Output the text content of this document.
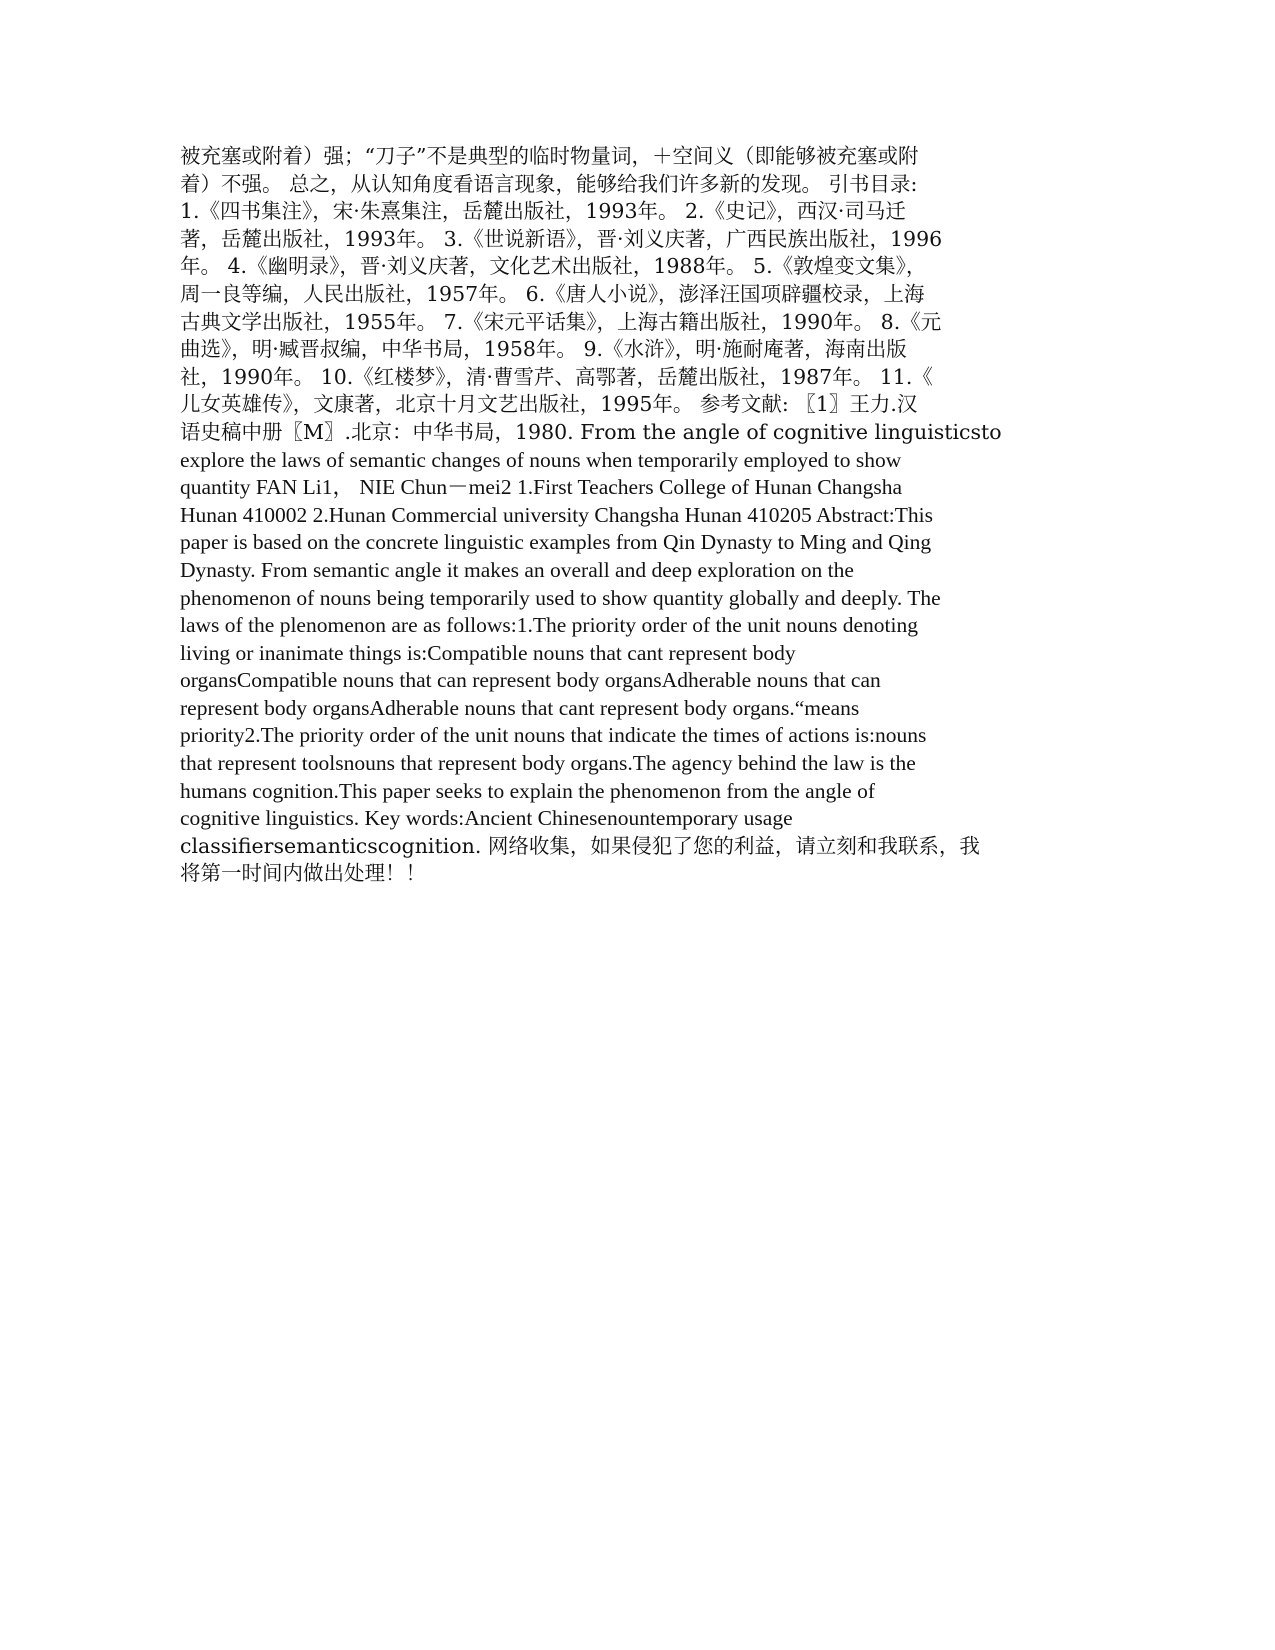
被充塞或附着）强；“刀子”不是典型的临时物量词，＋空间义（即能够被充塞或附
着）不强。 总之，从认知角度看语言现象，能够给我们许多新的发现。 引书目录:
1.《四书集注》，宋·朱熹集注，岳麓出版社，1993年。 2.《史记》，西汉·司马迁
著，岳麓出版社，1993年。 3.《世说新语》，晋·刘义庆著，广西民族出版社，1996
年。 4.《幽明录》，晋·刘义庆著，文化艺术出版社，1988年。 5.《敦煌变文集》，
周一良等编，人民出版社，1957年。 6.《唐人小说》，澎泽汪国项辟疆校录，上海
古典文学出版社，1955年。 7.《宋元平话集》，上海古籍出版社，1990年。 8.《元
曲选》，明·臧晋叔编，中华书局，1958年。 9.《水浒》，明·施耐庵著，海南出版
社，1990年。 10.《红楼梦》，清·曹雪芹、高鄂著，岳麓出版社，1987年。 11.《
儿女英雄传》，文康著，北京十月文艺出版社，1995年。 参考文献: 〖1〗王力.汉
语史稿中册〖M〗.北京：中华书局，1980. From the angle of cognitive linguisticsto
explore the laws of semantic changes of nouns when temporarily employed to show
quantity FAN Li1， NIE Chun－mei2 1.First Teachers College of Hunan Changsha
Hunan 410002 2.Hunan Commercial university Changsha Hunan 410205 Abstract:This
paper is based on the concrete linguistic examples from Qin Dynasty to Ming and Qing
Dynasty. From semantic angle it makes an overall and deep exploration on the
phenomenon of nouns being temporarily used to show quantity globally and deeply. The
laws of the plenomenon are as follows:1.The priority order of the unit nouns denoting
living or inanimate things is:Compatible nouns that cant represent body
organsCompatible nouns that can represent body organsAdherable nouns that can
represent body organsAdherable nouns that cant represent body organs.“means
priority2.The priority order of the unit nouns that indicate the times of actions is:nouns
that represent toolsnouns that represent body organs.The agency behind the law is the
humans cognition.This paper seeks to explain the phenomenon from the angle of
cognitive linguistics. Key words:Ancient Chinesenountemporary usage
classifiersemanticscognition. 网络收集，如果侵犯了您的利益，请立刻和我联系，我
将第一时间内做出处理！！
